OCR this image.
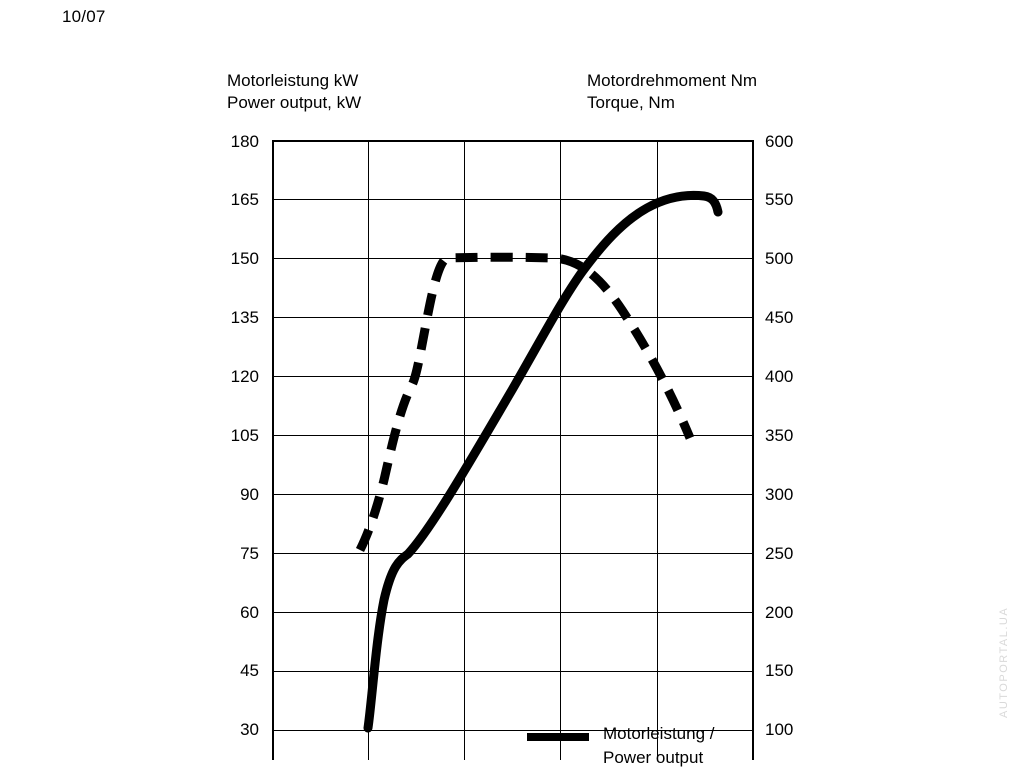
10/07
Motorleistung kW
Power output, kW
Motordrehmoment Nm
Torque, Nm
180
165
150
135
120
105
90
75
60
45
30
600
550
500
450
400
350
300
250
200
150
100
Motorleistung /
Power output
AUTOPORTAL.UA
